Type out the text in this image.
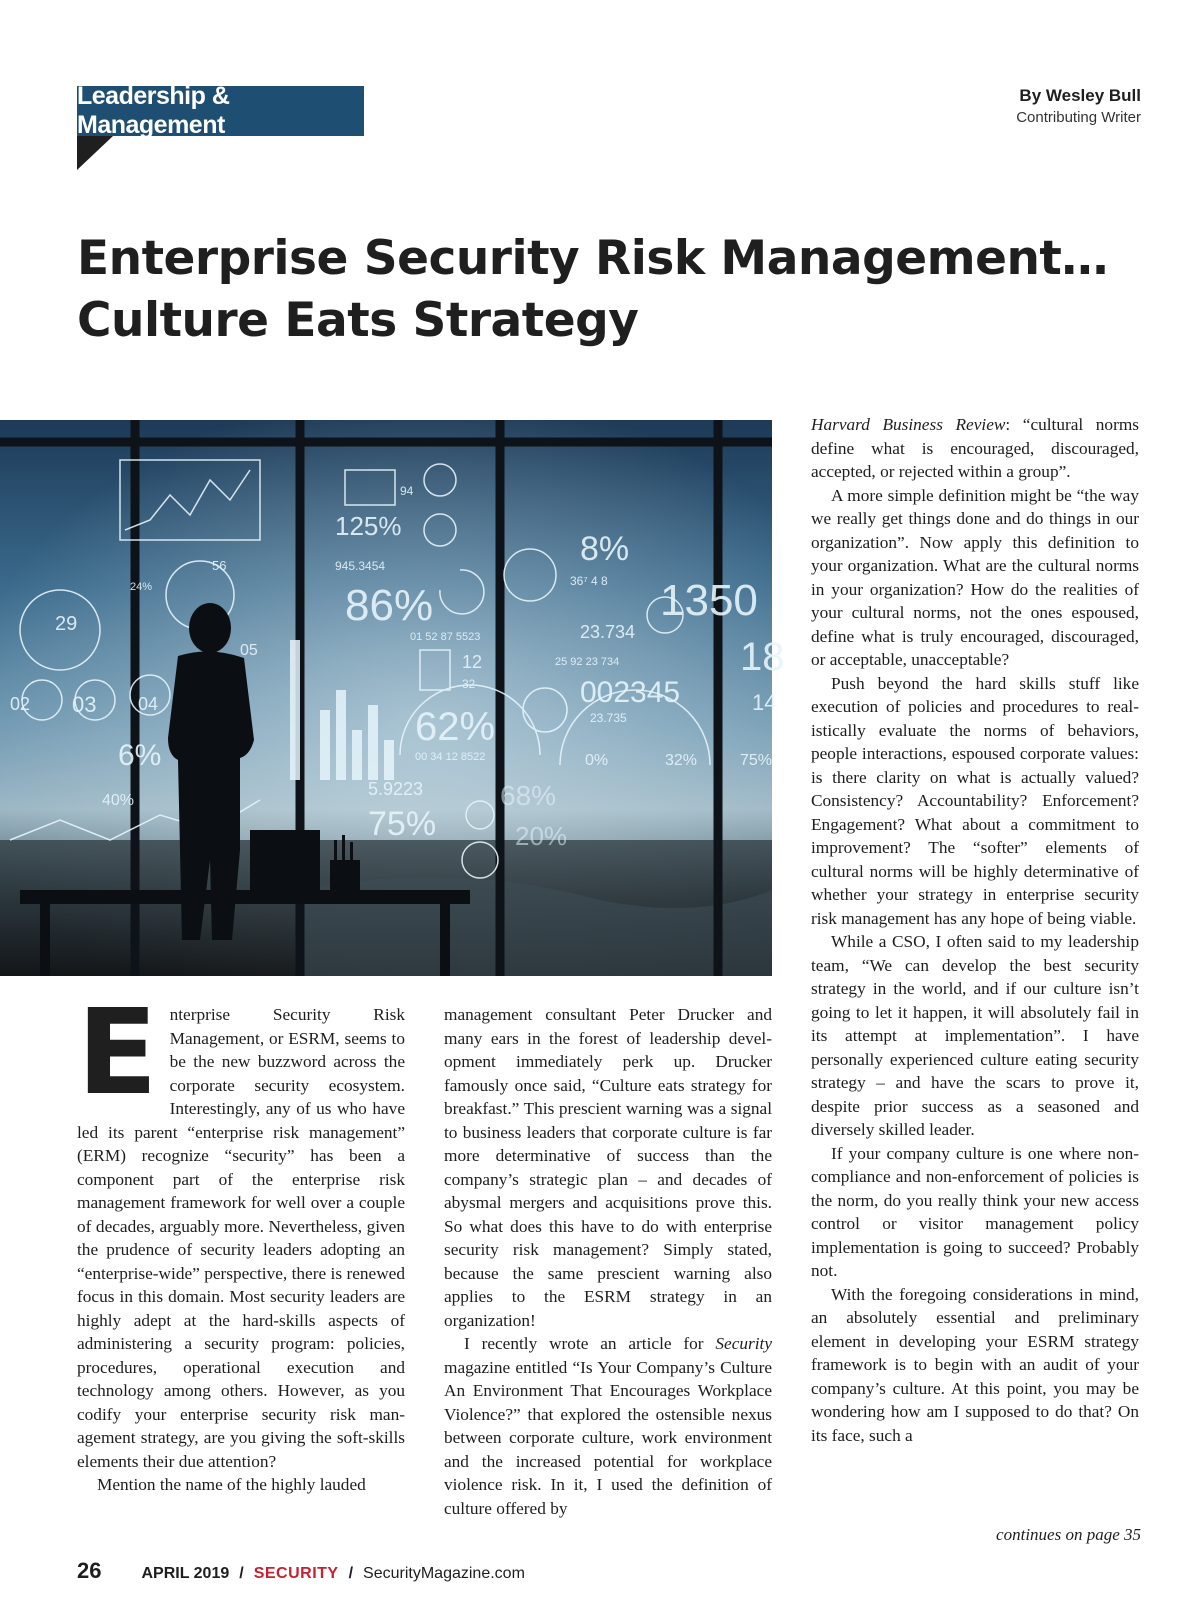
Leadership & Management
By Wesley Bull
Contributing Writer
Enterprise Security Risk Management…
Culture Eats Strategy
125%
945.3454
86%
01 52 87 5523
12
32
62%
00 34 12 8522
5.9223
75%
8%
36⁷ 4 8 1350
23.734
25 92 23 734
002345
23.735
0%	32%	75%
68%
20%
56
05
02 03 04
6%
40%
24%
29
94
18
14
E nterprise Security Risk Management, or ESRM, seems to be the new buzzword across the corporate security ecosystem. Interestingly, any of us who have led its parent “enterprise risk management” (ERM) recognize “security” has been a component part of the enterprise risk management framework for well over a couple of decades, arguably more. Nevertheless, given the prudence of security leaders adopting an “enterprise-wide” perspective, there is renewed focus in this domain. Most security leaders are highly adept at the hard-skills aspects of administering a security program: policies, procedures, operational execution and technology among others. However, as you codify your enterprise security risk management strategy, are you giving the soft-skills elements their due attention?

Mention the name of the highly lauded

management consultant Peter Drucker and many ears in the forest of leadership development immediately perk up. Drucker famously once said, “Culture eats strategy for breakfast.” This prescient warning was a signal to business leaders that corporate culture is far more determinative of success than the company’s strategic plan – and decades of abysmal mergers and acquisitions prove this. So what does this have to do with enterprise security risk management? Simply stated, because the same prescient warning also applies to the ESRM strategy in an organization!

I recently wrote an article for Security magazine entitled “Is Your Company’s Culture An Environment That Encourages Workplace Violence?” that explored the ostensible nexus between corporate culture, work environment and the increased potential for workplace violence risk. In it, I used the definition of culture offered by

Harvard Business Review: “cultural norms define what is encouraged, discouraged, accepted, or rejected within a group”.

A more simple definition might be “the way we really get things done and do things in our organization”. Now apply this definition to your organization. What are the cultural norms in your organization? How do the realities of your cultural norms, not the ones espoused, define what is truly encouraged, discouraged, or acceptable, unacceptable?

Push beyond the hard skills stuff like execution of policies and procedures to realistically evaluate the norms of behaviors, people interactions, espoused corporate values: is there clarity on what is actually valued? Consistency? Accountability? Enforcement? Engagement? What about a commitment to improvement? The “softer” elements of cultural norms will be highly determinative of whether your strategy in enterprise security risk management has any hope of being viable.

While a CSO, I often said to my leadership team, “We can develop the best security strategy in the world, and if our culture isn’t going to let it happen, it will absolutely fail in its attempt at implementation”. I have personally experienced culture eating security strategy – and have the scars to prove it, despite prior success as a seasoned and diversely skilled leader.

If your company culture is one where non-compliance and non-enforcement of policies is the norm, do you really think your new access control or visitor management policy implementation is going to succeed? Probably not.

With the foregoing considerations in mind, an absolutely essential and preliminary element in developing your ESRM strategy framework is to begin with an audit of your company’s culture. At this point, you may be wondering how am I supposed to do that? On its face, such a

continues on page 35
26	APRIL 2019 / SECURITY / SecurityMagazine.com
